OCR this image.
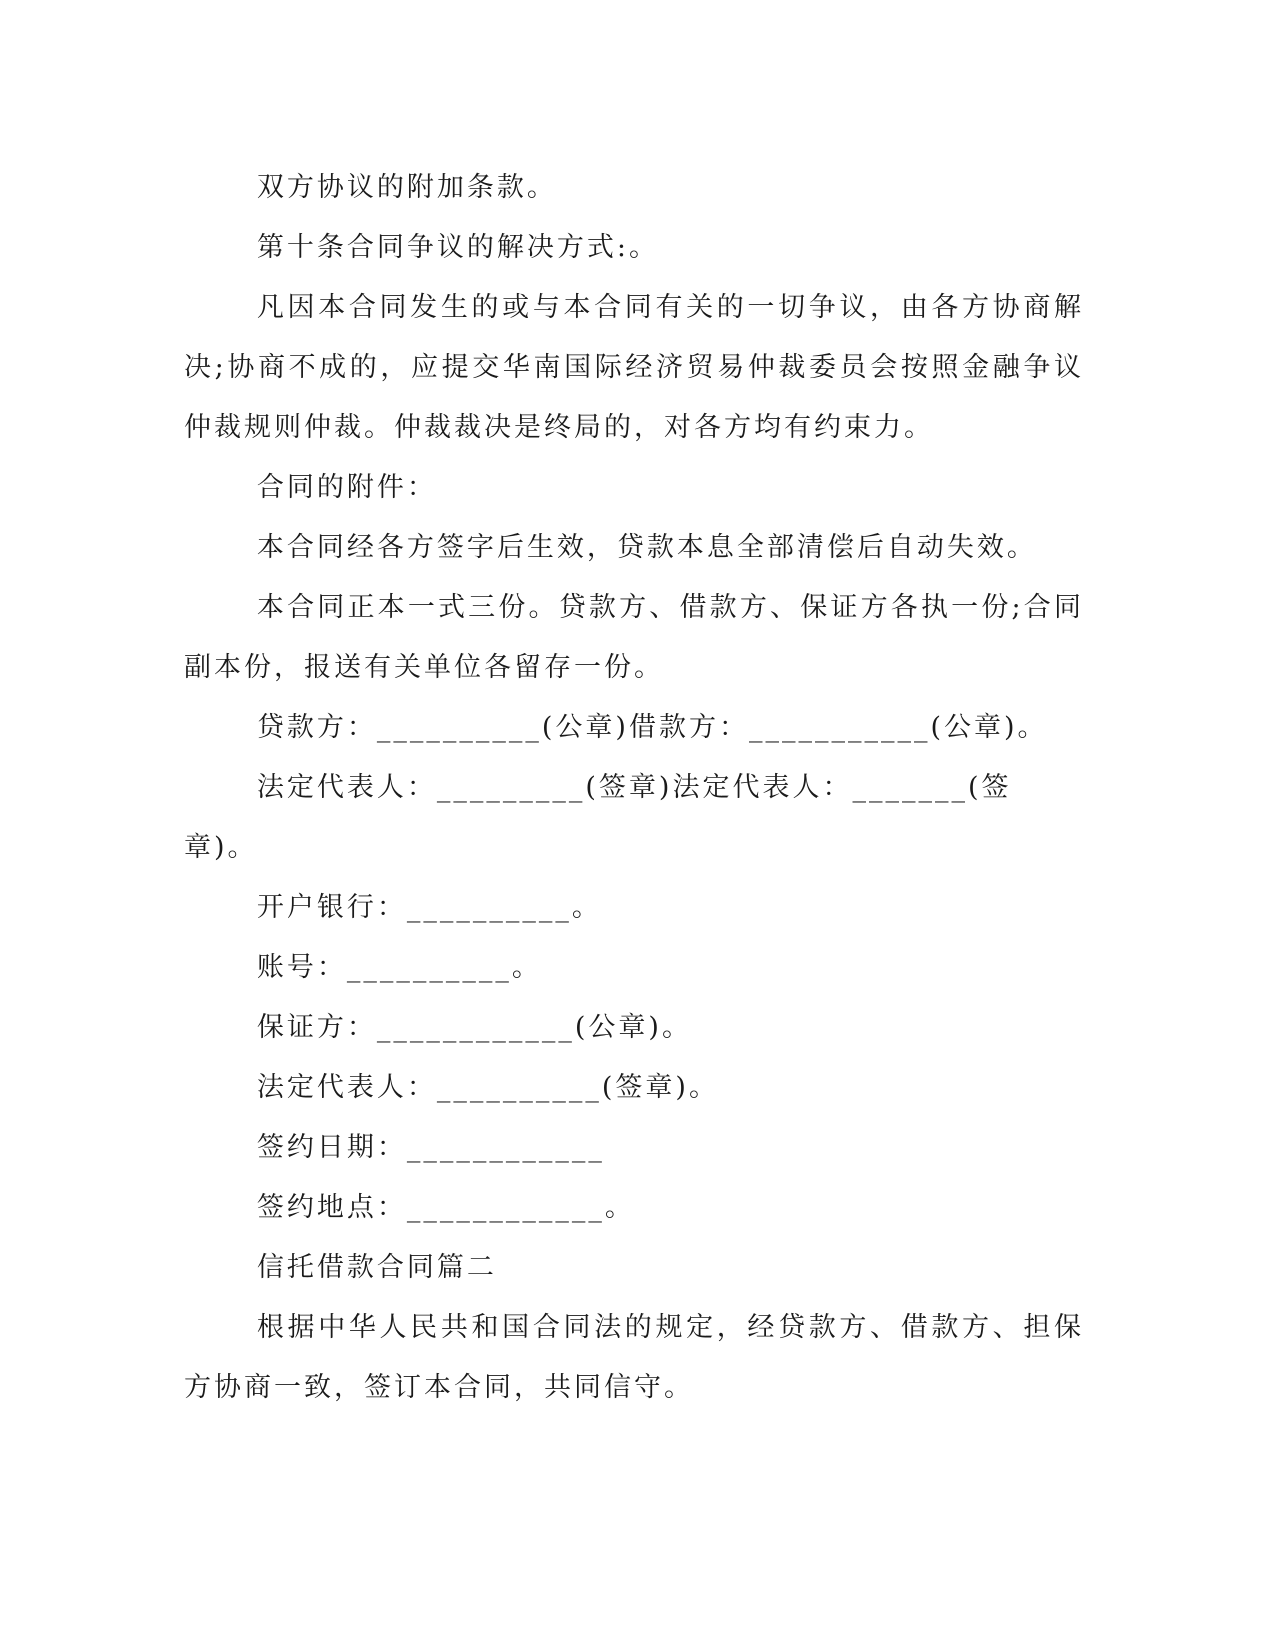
双方协议的附加条款。

第十条合同争议的解决方式:。

凡因本合同发生的或与本合同有关的一切争议，由各方协商解决;协商不成的，应提交华南国际经济贸易仲裁委员会按照金融争议仲裁规则仲裁。仲裁裁决是终局的，对各方均有约束力。

合同的附件：

本合同经各方签字后生效，贷款本息全部清偿后自动失效。

本合同正本一式三份。贷款方、借款方、保证方各执一份;合同副本份，报送有关单位各留存一份。

贷款方：__________(公章)借款方：___________(公章)。

法定代表人：_________(签章)法定代表人：_______(签章)。

开户银行：__________。

账号：__________。

保证方：____________(公章)。

法定代表人：__________(签章)。

签约日期：____________

签约地点：____________。

信托借款合同篇二

根据中华人民共和国合同法的规定，经贷款方、借款方、担保方协商一致，签订本合同，共同信守。
